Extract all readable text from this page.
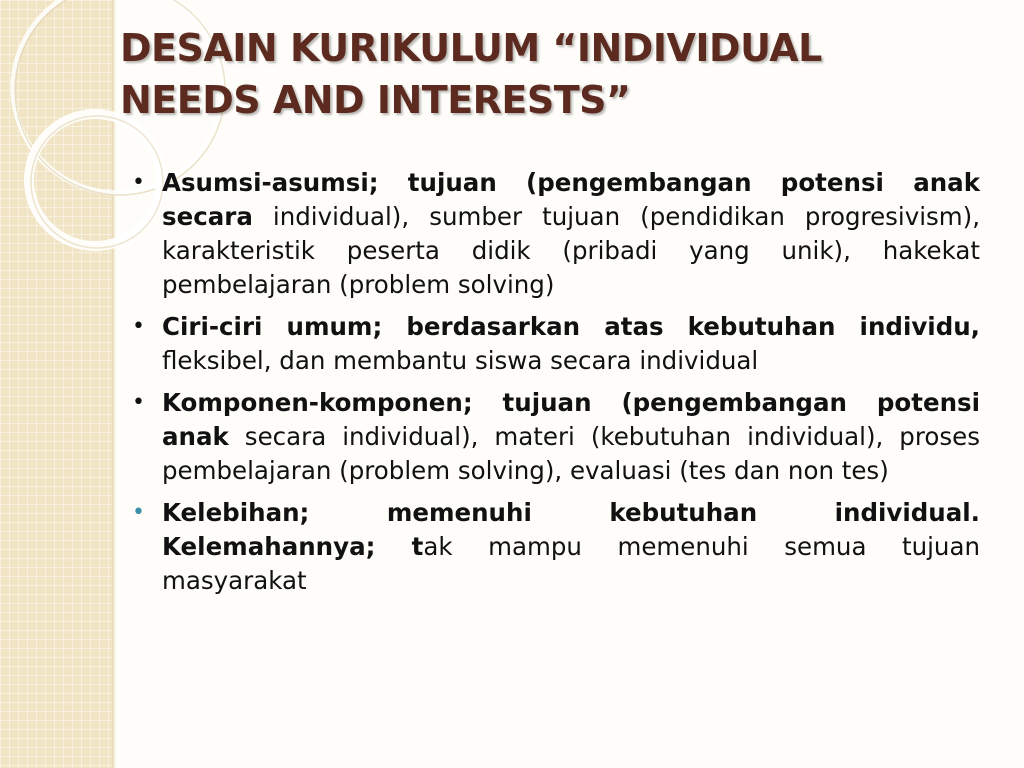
DESAIN KURIKULUM “INDIVIDUAL
NEEDS AND INTERESTS”
• Asumsi-asumsi; tujuan (pengembangan potensi anak secara individual), sumber tujuan (pendidikan progresivism), karakteristik peserta didik (pribadi yang unik), hakekat pembelajaran (problem solving)
• Ciri-ciri umum; berdasarkan atas kebutuhan individu, fleksibel, dan membantu siswa secara individual
• Komponen-komponen; tujuan (pengembangan potensi anak secara individual), materi (kebutuhan individual), proses pembelajaran (problem solving), evaluasi (tes dan non tes)
• Kelebihan; memenuhi kebutuhan individual. Kelemahannya; tak mampu memenuhi semua tujuan masyarakat
